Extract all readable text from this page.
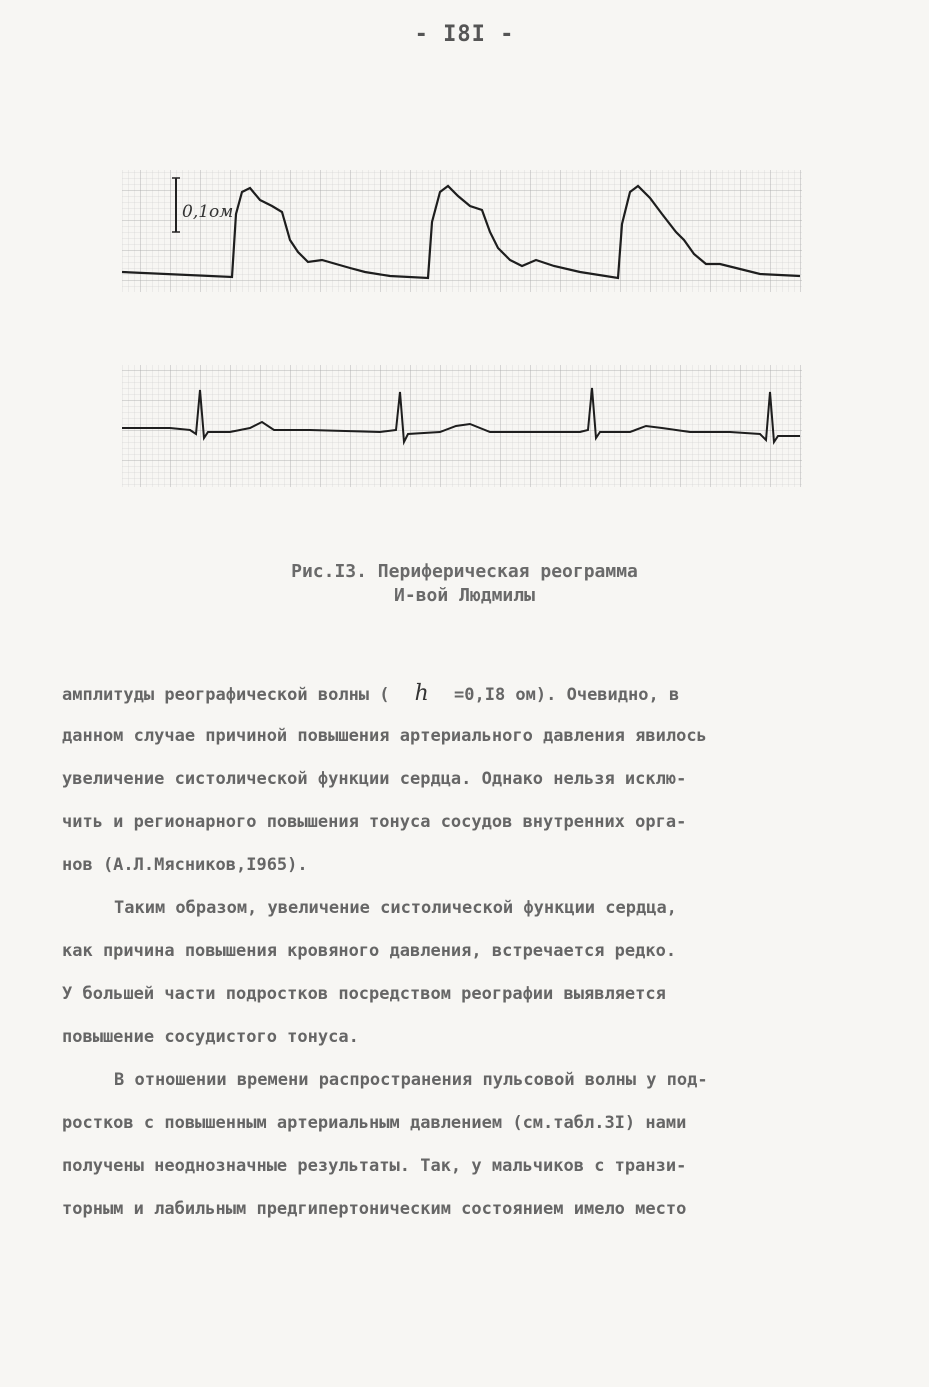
- I8I -
0,1ом
Рис.I3. Периферическая реограмма
И-вой Людмилы
амплитуды реографической волны ( h =0,I8 ом). Очевидно, в
данном случае причиной повышения артериального давления явилось
увеличение систолической функции сердца. Однако нельзя исклю-
чить и регионарного повышения тонуса сосудов внутренних орга-
нов (А.Л.Мясников,I965).
Таким образом, увеличение систолической функции сердца,
как причина повышения кровяного давления, встречается редко.
У большей части подростков посредством реографии выявляется
повышение сосудистого тонуса.
В отношении времени распространения пульсовой волны у под-
ростков с повышенным артериальным давлением (см.табл.3I) нами
получены неоднозначные результаты. Так, у мальчиков с транзи-
торным и лабильным предгипертоническим состоянием имело место
